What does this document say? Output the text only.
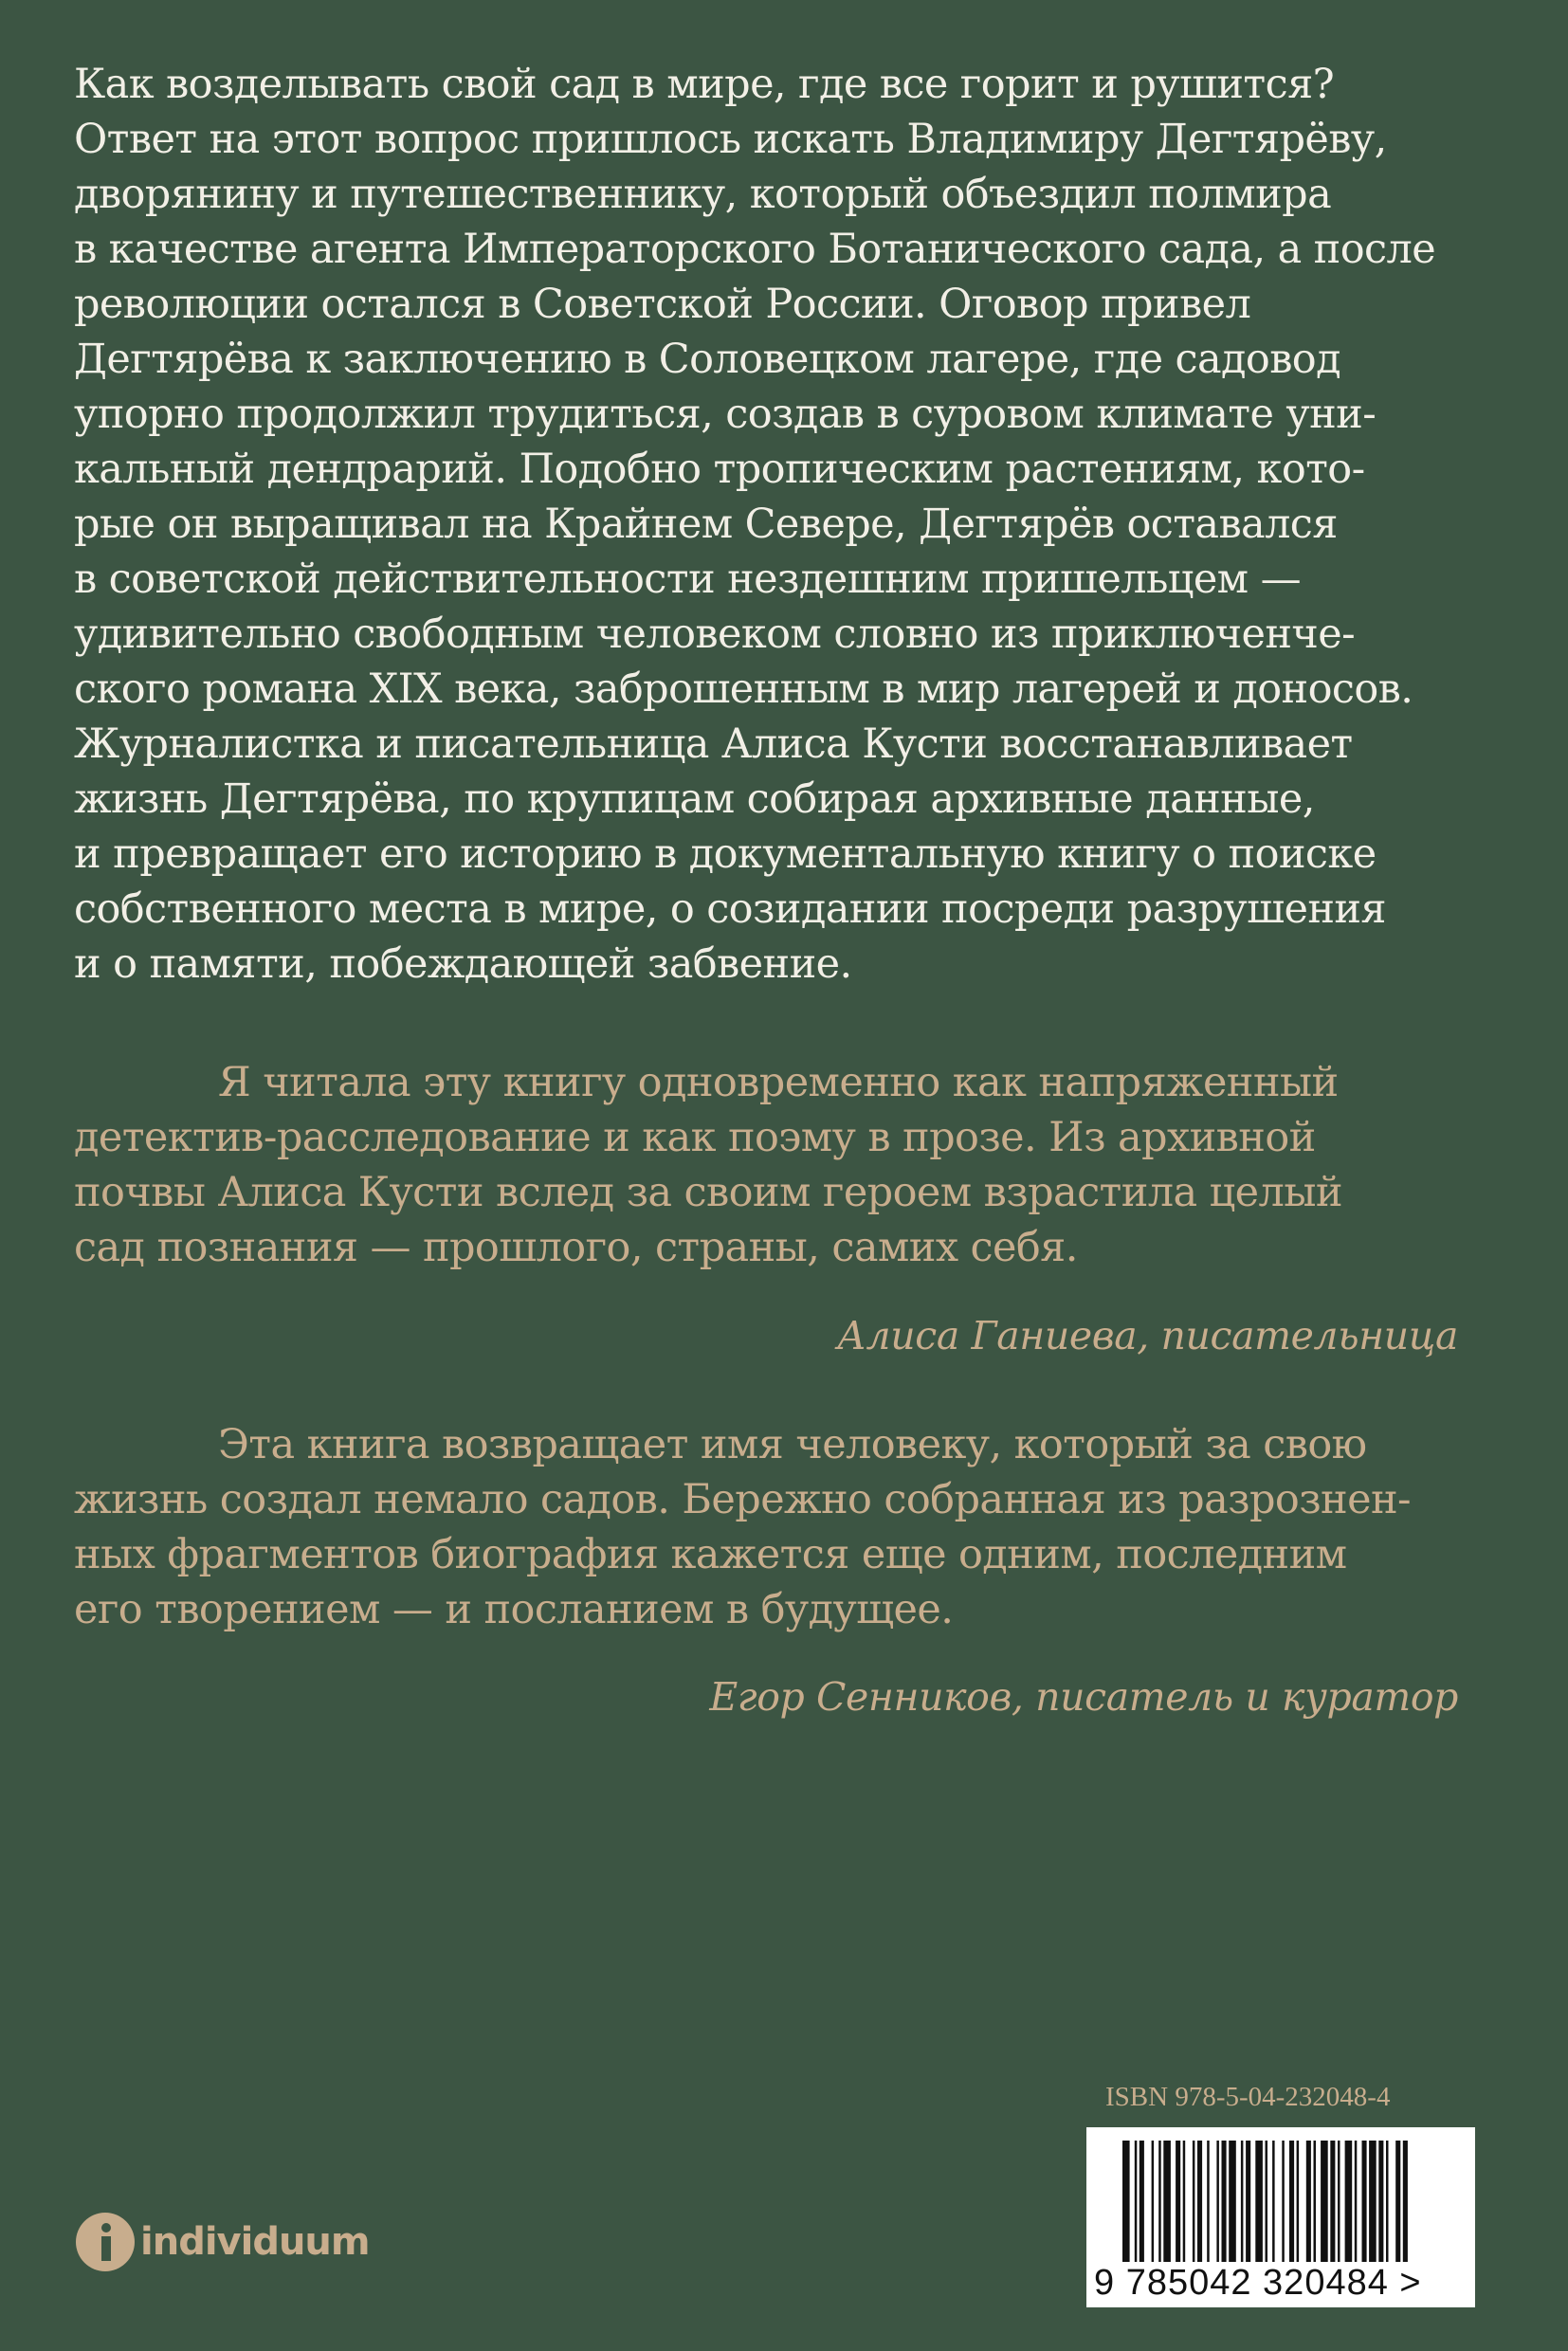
Как возделывать свой сад в мире, где все горит и рушится?
Ответ на этот вопрос пришлось искать Владимиру Дегтярёву,
дворянину и путешественнику, который объездил полмира
в качестве агента Императорского Ботанического сада, а после
революции остался в Советской России. Оговор привел
Дегтярёва к заключению в Соловецком лагере, где садовод
упорно продолжил трудиться, создав в суровом климате уни-
кальный дендрарий. Подобно тропическим растениям, кото-
рые он выращивал на Крайнем Севере, Дегтярёв оставался
в советской действительности нездешним пришельцем —
удивительно свободным человеком словно из приключенче-
ского романа XIX века, заброшенным в мир лагерей и доносов.
Журналистка и писательница Алиса Кусти восстанавливает
жизнь Дегтярёва, по крупицам собирая архивные данные,
и превращает его историю в документальную книгу о поиске
собственного места в мире, о созидании посреди разрушения
и о памяти, побеждающей забвение.
Я читала эту книгу одновременно как напряженный
детектив-расследование и как поэму в прозе. Из архивной
почвы Алиса Кусти вслед за своим героем взрастила целый
сад познания — прошлого, страны, самих себя.
Алиса Ганиева, писательница
Эта книга возвращает имя человеку, который за свою
жизнь создал немало садов. Бережно собранная из разрознен-
ных фрагментов биография кажется еще одним, последним
его творением — и посланием в будущее.
Егор Сенников, писатель и куратор
individuum
ISBN 978-5-04-232048-4
9 785042 320484 >
